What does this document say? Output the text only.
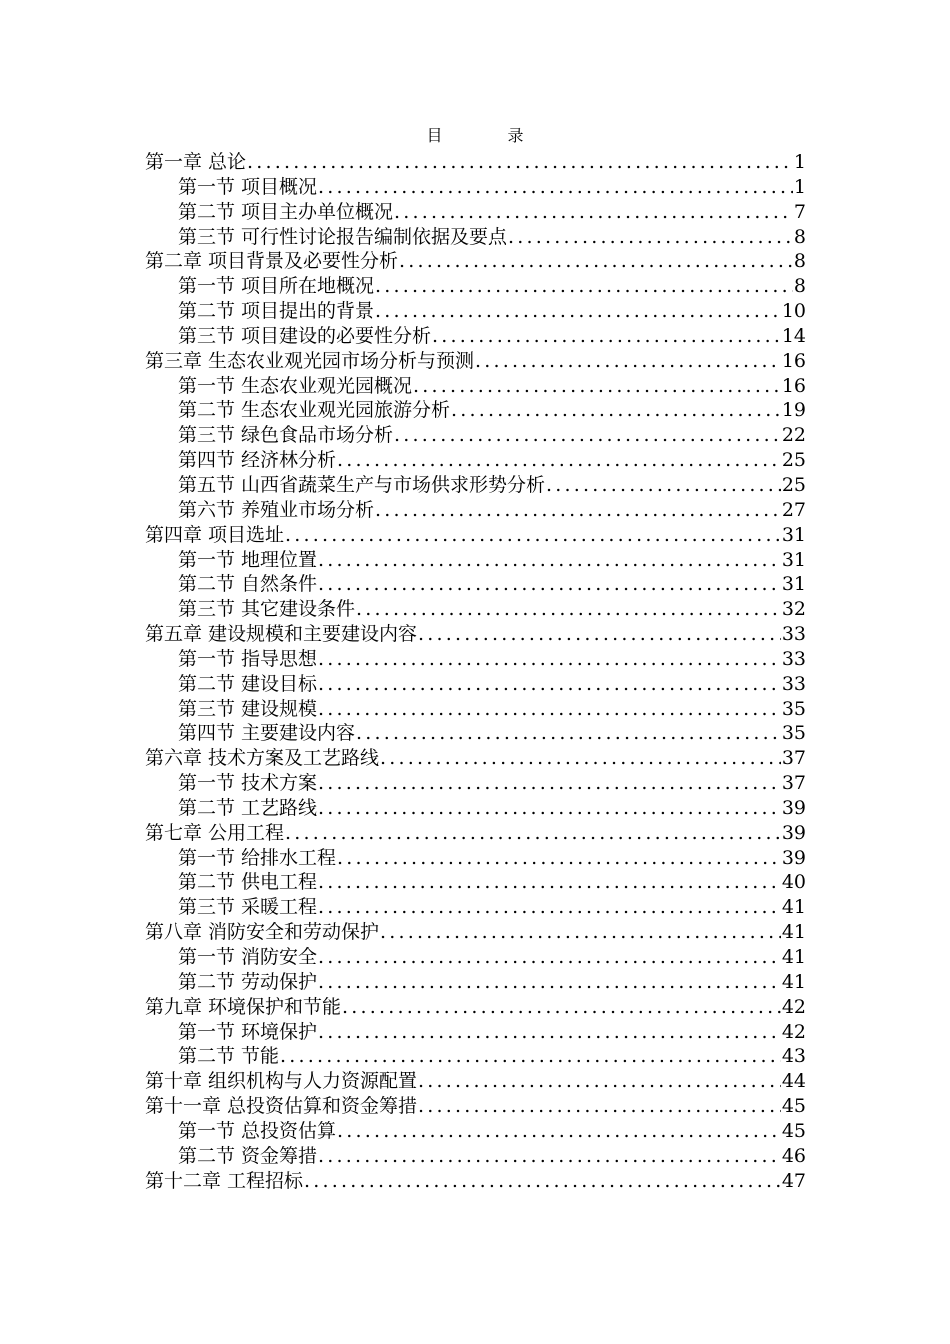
目 录
第一章 总论 .....	1
第一节 项目概况 .....	1
第二节 项目主办单位概况 .....	7
第三节 可行性讨论报告编制依据及要点 .....	8
第二章 项目背景及必要性分析 .....	8
第一节 项目所在地概况 .....	8
第二节 项目提出的背景 .....	10
第三节 项目建设的必要性分析 .....	14
第三章 生态农业观光园市场分析与预测 .....	16
第一节 生态农业观光园概况 .....	16
第二节 生态农业观光园旅游分析 .....	19
第三节 绿色食品市场分析 .....	22
第四节 经济林分析 .....	25
第五节 山西省蔬菜生产与市场供求形势分析 .....	25
第六节 养殖业市场分析 .....	27
第四章 项目选址 .....	31
第一节 地理位置 .....	31
第二节 自然条件 .....	31
第三节 其它建设条件 .....	32
第五章 建设规模和主要建设内容 .....	33
第一节 指导思想 .....	33
第二节 建设目标 .....	33
第三节 建设规模 .....	35
第四节 主要建设内容 .....	35
第六章 技术方案及工艺路线 .....	37
第一节 技术方案 .....	37
第二节 工艺路线 .....	39
第七章 公用工程 .....	39
第一节 给排水工程 .....	39
第二节 供电工程 .....	40
第三节 采暖工程 .....	41
第八章 消防安全和劳动保护 .....	41
第一节 消防安全 .....	41
第二节 劳动保护 .....	41
第九章 环境保护和节能 .....	42
第一节 环境保护 .....	42
第二节 节能 .....	43
第十章 组织机构与人力资源配置 .....	44
第十一章 总投资估算和资金筹措 .....	45
第一节 总投资估算 .....	45
第二节 资金筹措 .....	46
第十二章 工程招标 .....	47
